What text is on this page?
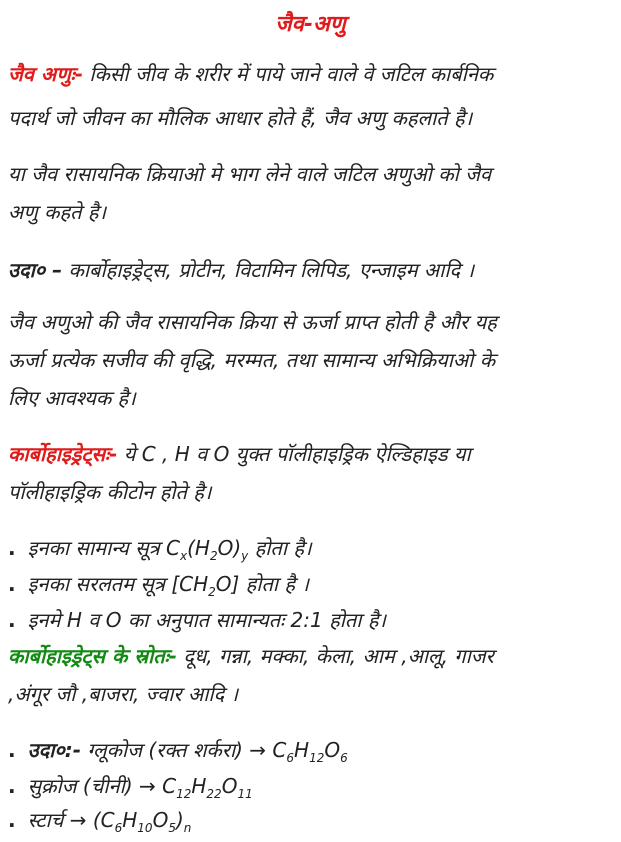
जैव-अणु
जैव अणुः- किसी जीव के शरीर में पाये जाने वाले वे जटिल कार्बनिक
पदार्थ जो जीवन का मौलिक आधार होते हैं, जैव अणु कहलाते है।
या जैव रासायनिक क्रियाओ मे भाग लेने वाले जटिल अणुओ को जैव
अणु कहते है।
उदा० – कार्बोहाइड्रेट्स, प्रोटीन, विटामिन लिपिड, एन्जाइम आदि ।
जैव अणुओ की जैव रासायनिक क्रिया से ऊर्जा प्राप्त होती है और यह
ऊर्जा प्रत्येक सजीव की वृद्धि, मरम्मत, तथा सामान्य अभिक्रियाओ के
लिए आवश्यक है।
कार्बोहाइड्रेट्सः- ये C , H व O युक्त पॉलीहाइड्रिक ऐल्डिहाइड या
पॉलीहाइड्रिक कीटोन होते है।
. इनका सामान्य सूत्र $C_x(H_2O)_y$ होता है।
. इनका सरलतम सूत्र $[CH_2O]$ होता है ।
. इनमे H व O का अनुपात सामान्यतः 2:1 होता है।
कार्बोहाइड्रेट्स के स्रोतः- दूध, गन्ना, मक्का, केला, आम ,आलू, गाजर
,अंगूर जौ ,बाजरा, ज्वार आदि ।
. उदा०:- ग्लूकोज (रक्त शर्करा) → $C_6H_{12}O_6$
. सुक्रोज (चीनी) → $C_{12}H_{22}O_{11}$
. स्टार्च → $(C_6H_{10}O_5)_n$
